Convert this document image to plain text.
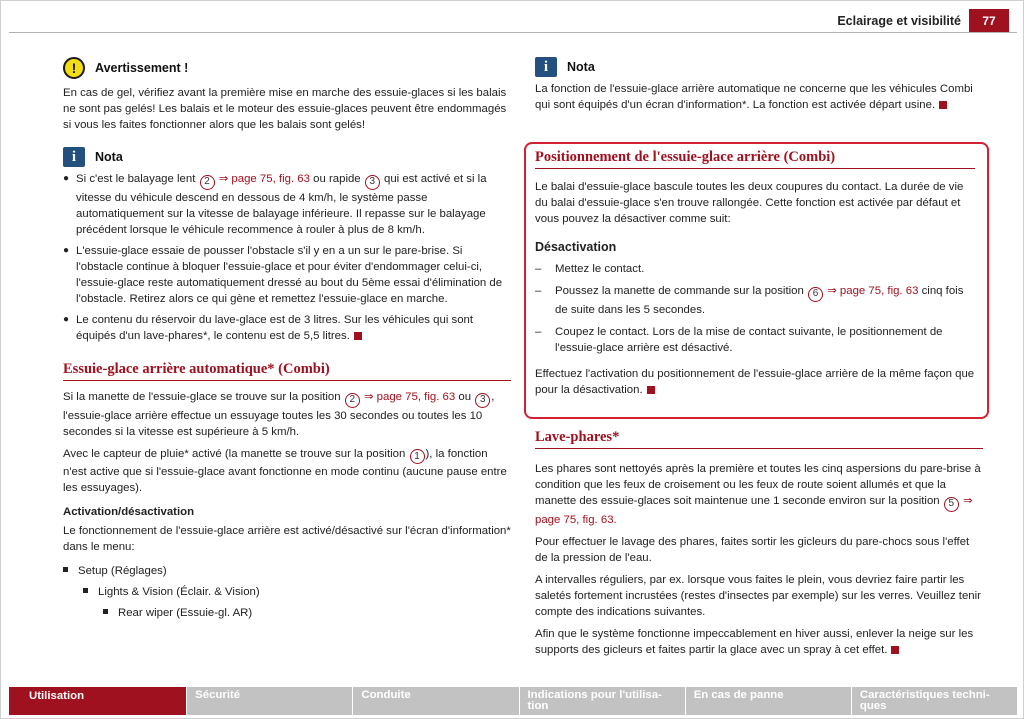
Eclairage et visibilité	77
!	Avertissement !

En cas de gel, vérifiez avant la première mise en marche des essuie-glaces si les balais ne sont pas gelés! Les balais et le moteur des essuie-glaces peuvent être endommagés si vous les faites fonctionner alors que les balais sont gelés!

i	Nota
● Si c'est le balayage lent 2 ⇒ page 75, fig. 63 ou rapide 3 qui est activé et si la vitesse du véhicule descend en dessous de 4 km/h, le système passe automatiquement sur la vitesse de balayage inférieure. Il repasse sur le balayage précédent lorsque le véhicule recommence à rouler à plus de 8 km/h.
● L'essuie-glace essaie de pousser l'obstacle s'il y en a un sur le pare-brise. Si l'obstacle continue à bloquer l'essuie-glace et pour éviter d'endommager celui-ci, l'essuie-glace reste automatiquement dressé au bout du 5ème essai d'élimination de l'obstacle. Retirez alors ce qui gène et remettez l'essuie-glace en marche.
● Le contenu du réservoir du lave-glace est de 3 litres. Sur les véhicules qui sont équipés d'un lave-phares*, le contenu est de 5,5 litres.
Essuie-glace arrière automatique* (Combi)

Si la manette de l'essuie-glace se trouve sur la position 2 ⇒ page 75, fig. 63 ou 3 , l'essuie-glace arrière effectue un essuyage toutes les 30 secondes ou toutes les 10 secondes si la vitesse est supérieure à 5 km/h.

Avec le capteur de pluie* activé (la manette se trouve sur la position 1 ), la fonction n'est active que si l'essuie-glace avant fonctionne en mode continu (aucune pause entre les essuyages).

Activation/désactivation

Le fonctionnement de l'essuie-glace arrière est activé/désactivé sur l'écran d'information* dans le menu:

Setup (Réglages)
Lights & Vision (Éclair. & Vision)
Rear wiper (Essuie-gl. AR)
i	Nota

La fonction de l'essuie-glace arrière automatique ne concerne que les véhicules Combi qui sont équipés d'un écran d'information*. La fonction est activée départ usine.

Positionnement de l'essuie-glace arrière (Combi)

Le balai d'essuie-glace bascule toutes les deux coupures du contact. La durée de vie du balai d'essuie-glace s'en trouve rallongée. Cette fonction est activée par défaut et vous pouvez la désactiver comme suit:

Désactivation

– Mettez le contact.
– Poussez la manette de commande sur la position 6 ⇒ page 75, fig. 63 cinq fois de suite dans les 5 secondes.
– Coupez le contact. Lors de la mise de contact suivante, le positionnement de l'essuie-glace arrière est désactivé.

Effectuez l'activation du positionnement de l'essuie-glace arrière de la même façon que pour la désactivation.

Lave-phares*

Les phares sont nettoyés après la première et toutes les cinq aspersions du pare-brise à condition que les feux de croisement ou les feux de route soient allumés et que la manette des essuie-glaces soit maintenue une 1 seconde environ sur la position 5 ⇒ page 75, fig. 63.

Pour effectuer le lavage des phares, faites sortir les gicleurs du pare-chocs sous l'effet de la pression de l'eau.

A intervalles réguliers, par ex. lorsque vous faites le plein, vous devriez faire partir les saletés fortement incrustées (restes d'insectes par exemple) sur les verres. Veuillez tenir compte des indications suivantes.

Afin que le système fonctionne impeccablement en hiver aussi, enlever la neige sur les supports des gicleurs et faites partir la glace avec un spray à cet effet.

Utilisation	Sécurité	Conduite	Indications pour l'utilisa-
tion
En cas de panne	Caractéristiques techni-
ques
